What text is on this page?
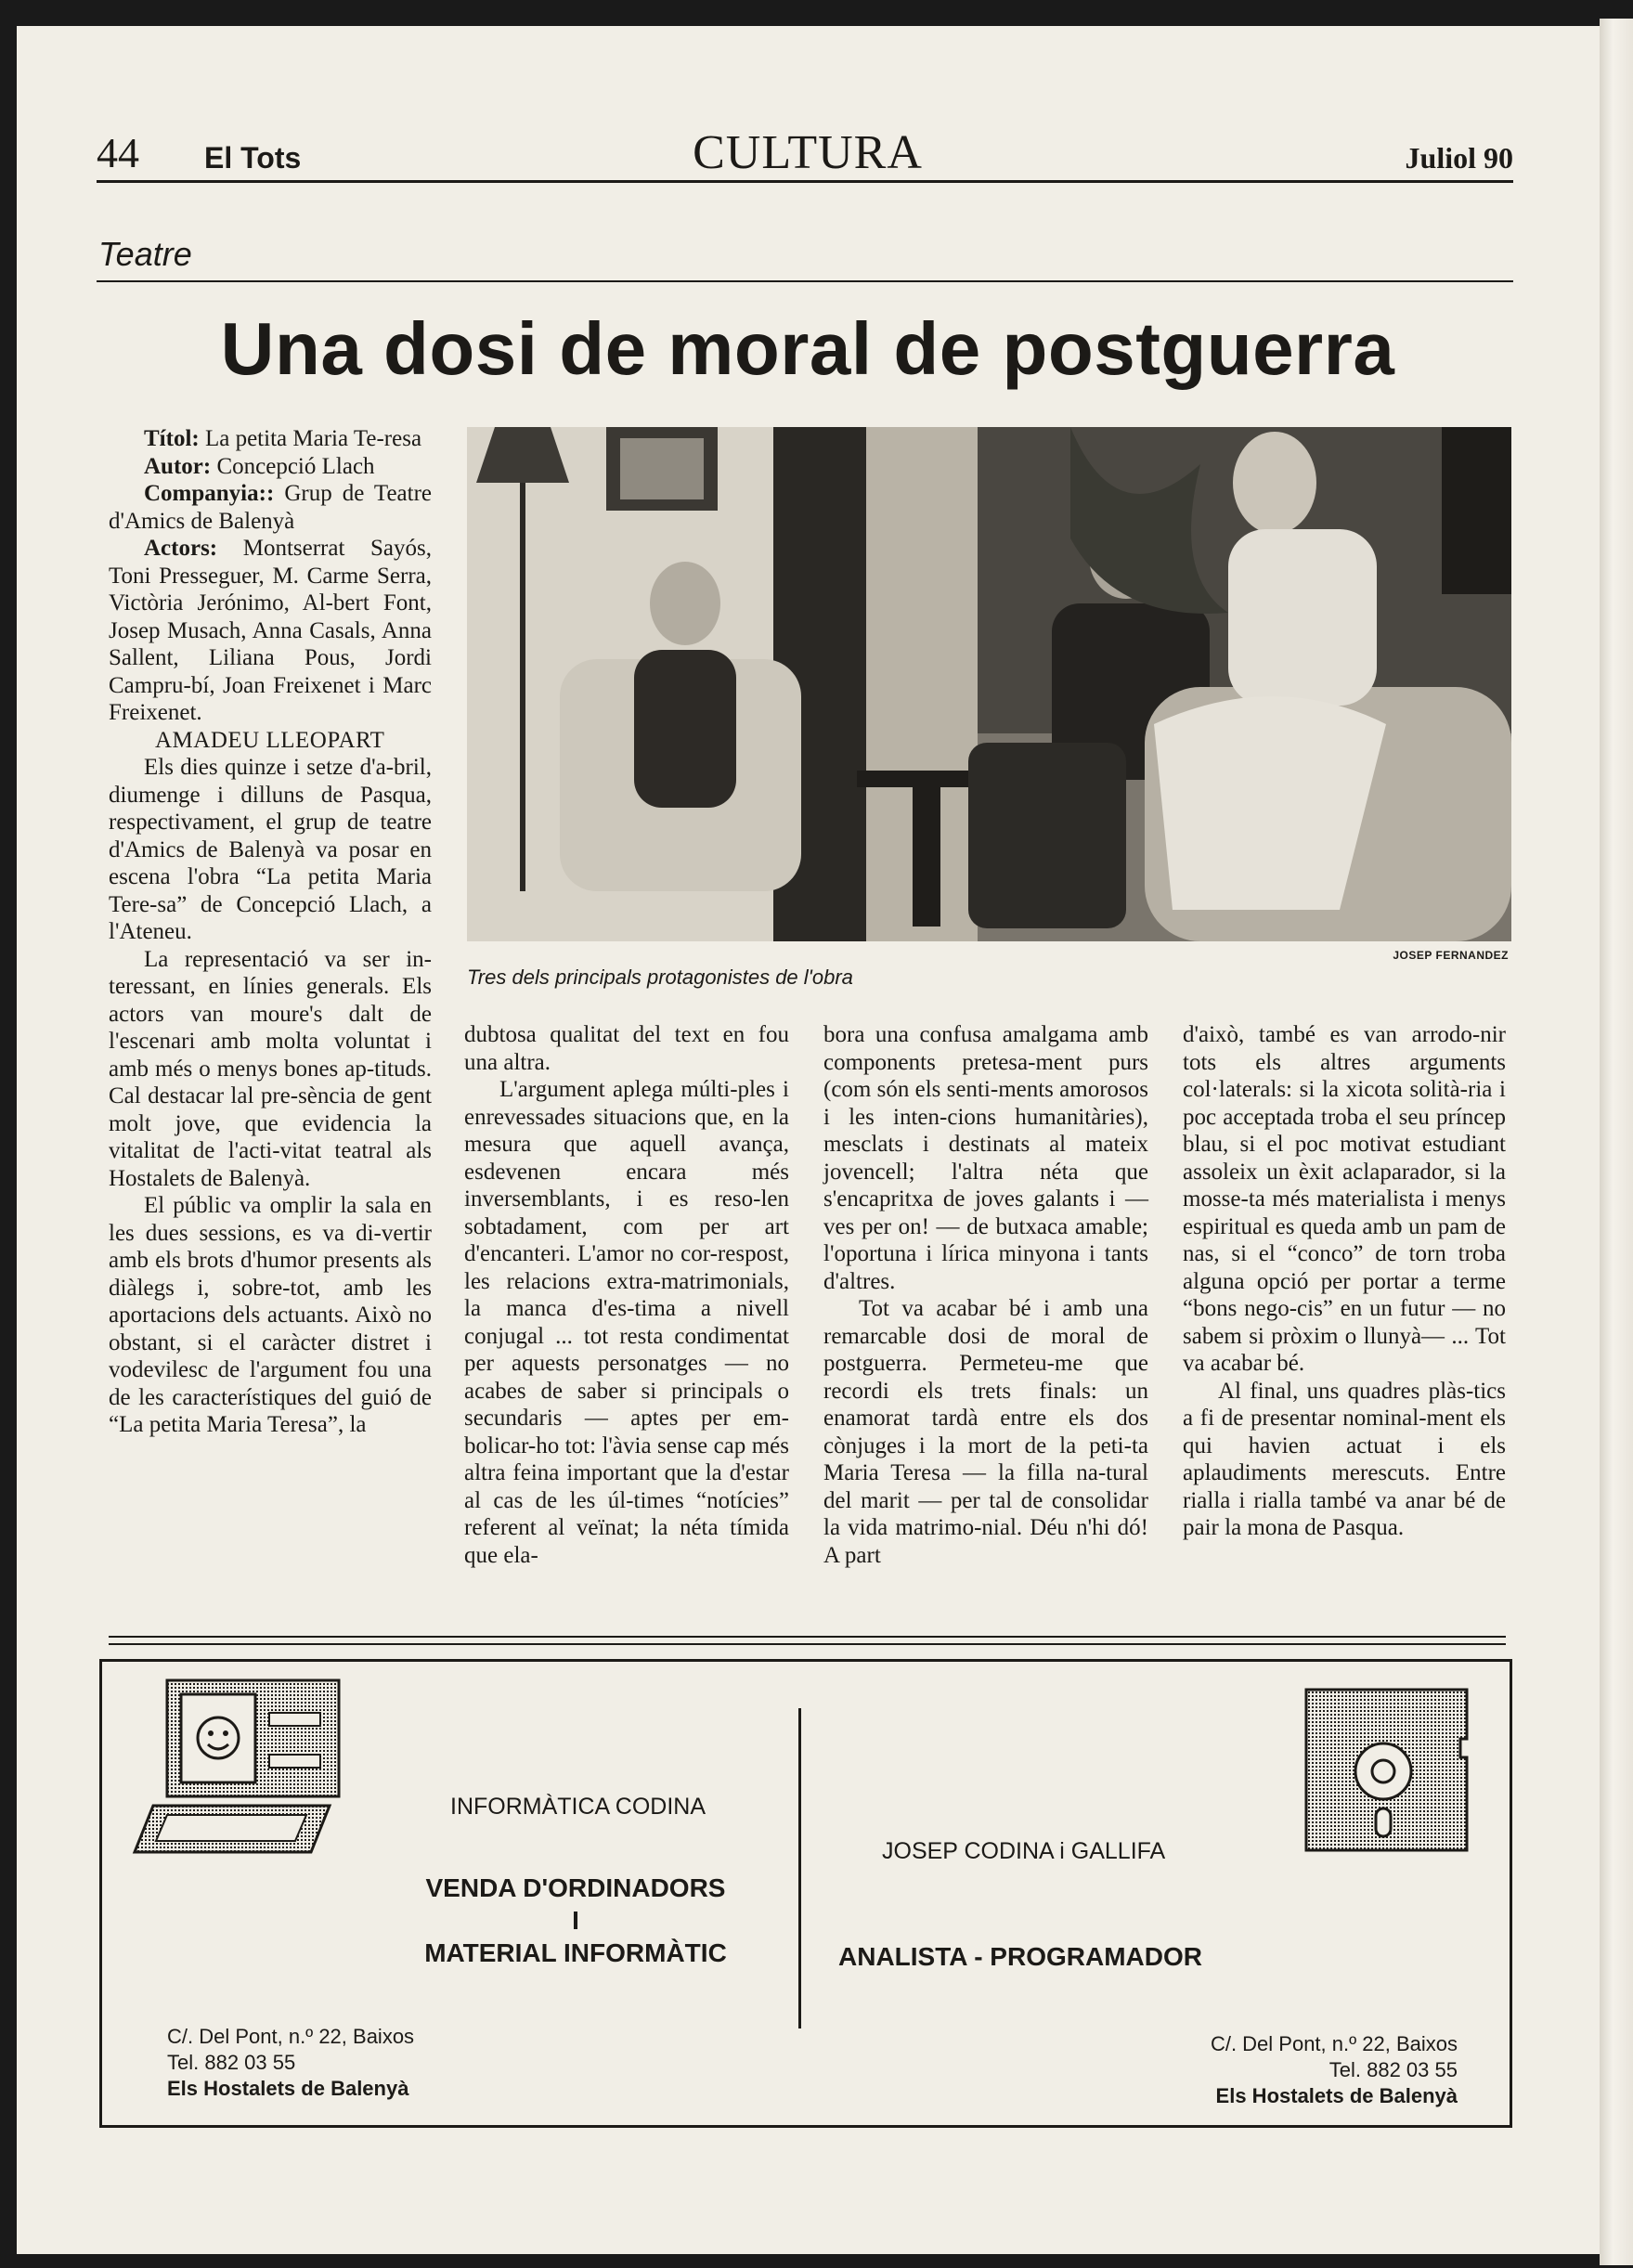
44 El Tots	CULTURA	Juliol 90
Teatre
Una dosi de moral de postguerra

Títol: La petita Maria Te-resa

Autor: Concepció Llach

Companyia:: Grup de Teatre d'Amics de Balenyà

Actors: Montserrat Sayós, Toni Presseguer, M. Carme Serra, Victòria Jerónimo, Al-bert Font, Josep Musach, Anna Casals, Anna Sallent, Liliana Pous, Jordi Campru-bí, Joan Freixenet i Marc Freixenet.

AMADEU LLEOPART

Els dies quinze i setze d'a-bril, diumenge i dilluns de Pasqua, respectivament, el grup de teatre d'Amics de Balenyà va posar en escena l'obra “La petita Maria Tere-sa” de Concepció Llach, a l'Ateneu.

La representació va ser in-teressant, en línies generals. Els actors van moure's dalt de l'escenari amb molta voluntat i amb més o menys bones ap-tituds. Cal destacar lal pre-sència de gent molt jove, que evidencia la vitalitat de l'acti-vitat teatral als Hostalets de Balenyà.

El públic va omplir la sala en les dues sessions, es va di-vertir amb els brots d'humor presents als diàlegs i, sobre-tot, amb les aportacions dels actuants. Això no obstant, si el caràcter distret i vodevilesc de l'argument fou una de les característiques del guió de “La petita Maria Teresa”, la

JOSEP FERNANDEZ
Tres dels principals protagonistes de l'obra

dubtosa qualitat del text en fou una altra.

L'argument aplega múlti-ples i enrevessades situacions que, en la mesura que aquell avança, esdevenen encara més inversemblants, i es reso-len sobtadament, com per art d'encanteri. L'amor no cor-respost, les relacions extra-matrimonials, la manca d'es-tima a nivell conjugal ... tot resta condimentat per aquests personatges — no acabes de saber si principals o secundaris — aptes per em-bolicar-ho tot: l'àvia sense cap més altra feina important que la d'estar al cas de les úl-times “notícies” referent al veïnat; la néta tímida que ela-

bora una confusa amalgama amb components pretesa-ment purs (com són els senti-ments amorosos i les inten-cions humanitàries), mesclats i destinats al mateix jovencell; l'altra néta que s'encapritxa de joves galants i — ves per on! — de butxaca amable; l'oportuna i lírica minyona i tants d'altres.

Tot va acabar bé i amb una remarcable dosi de moral de postguerra. Permeteu-me que recordi els trets finals: un enamorat tardà entre els dos cònjuges i la mort de la peti-ta Maria Teresa — la filla na-tural del marit — per tal de consolidar la vida matrimo-nial. Déu n'hi dó! A part

d'això, també es van arrodo-nir tots els altres arguments col·laterals: si la xicota solità-ria i poc acceptada troba el seu príncep blau, si el poc motivat estudiant assoleix un èxit aclaparador, si la mosse-ta més materialista i menys espiritual es queda amb un pam de nas, si el “conco” de torn troba alguna opció per portar a terme “bons nego-cis” en un futur — no sabem si pròxim o llunyà— ... Tot va acabar bé.

Al final, uns quadres plàs-tics a fi de presentar nominal-ment els qui havien actuat i els aplaudiments merescuts. Entre rialla i rialla també va anar bé de pair la mona de Pasqua.

INFORMÀTICA CODINA
VENDA D'ORDINADORS
I
MATERIAL INFORMÀTIC
C/. Del Pont, n.º 22, Baixos
Tel. 882 03 55
Els Hostalets de Balenyà
JOSEP CODINA i GALLIFA
ANALISTA - PROGRAMADOR
C/. Del Pont, n.º 22, Baixos
Tel. 882 03 55
Els Hostalets de Balenyà
